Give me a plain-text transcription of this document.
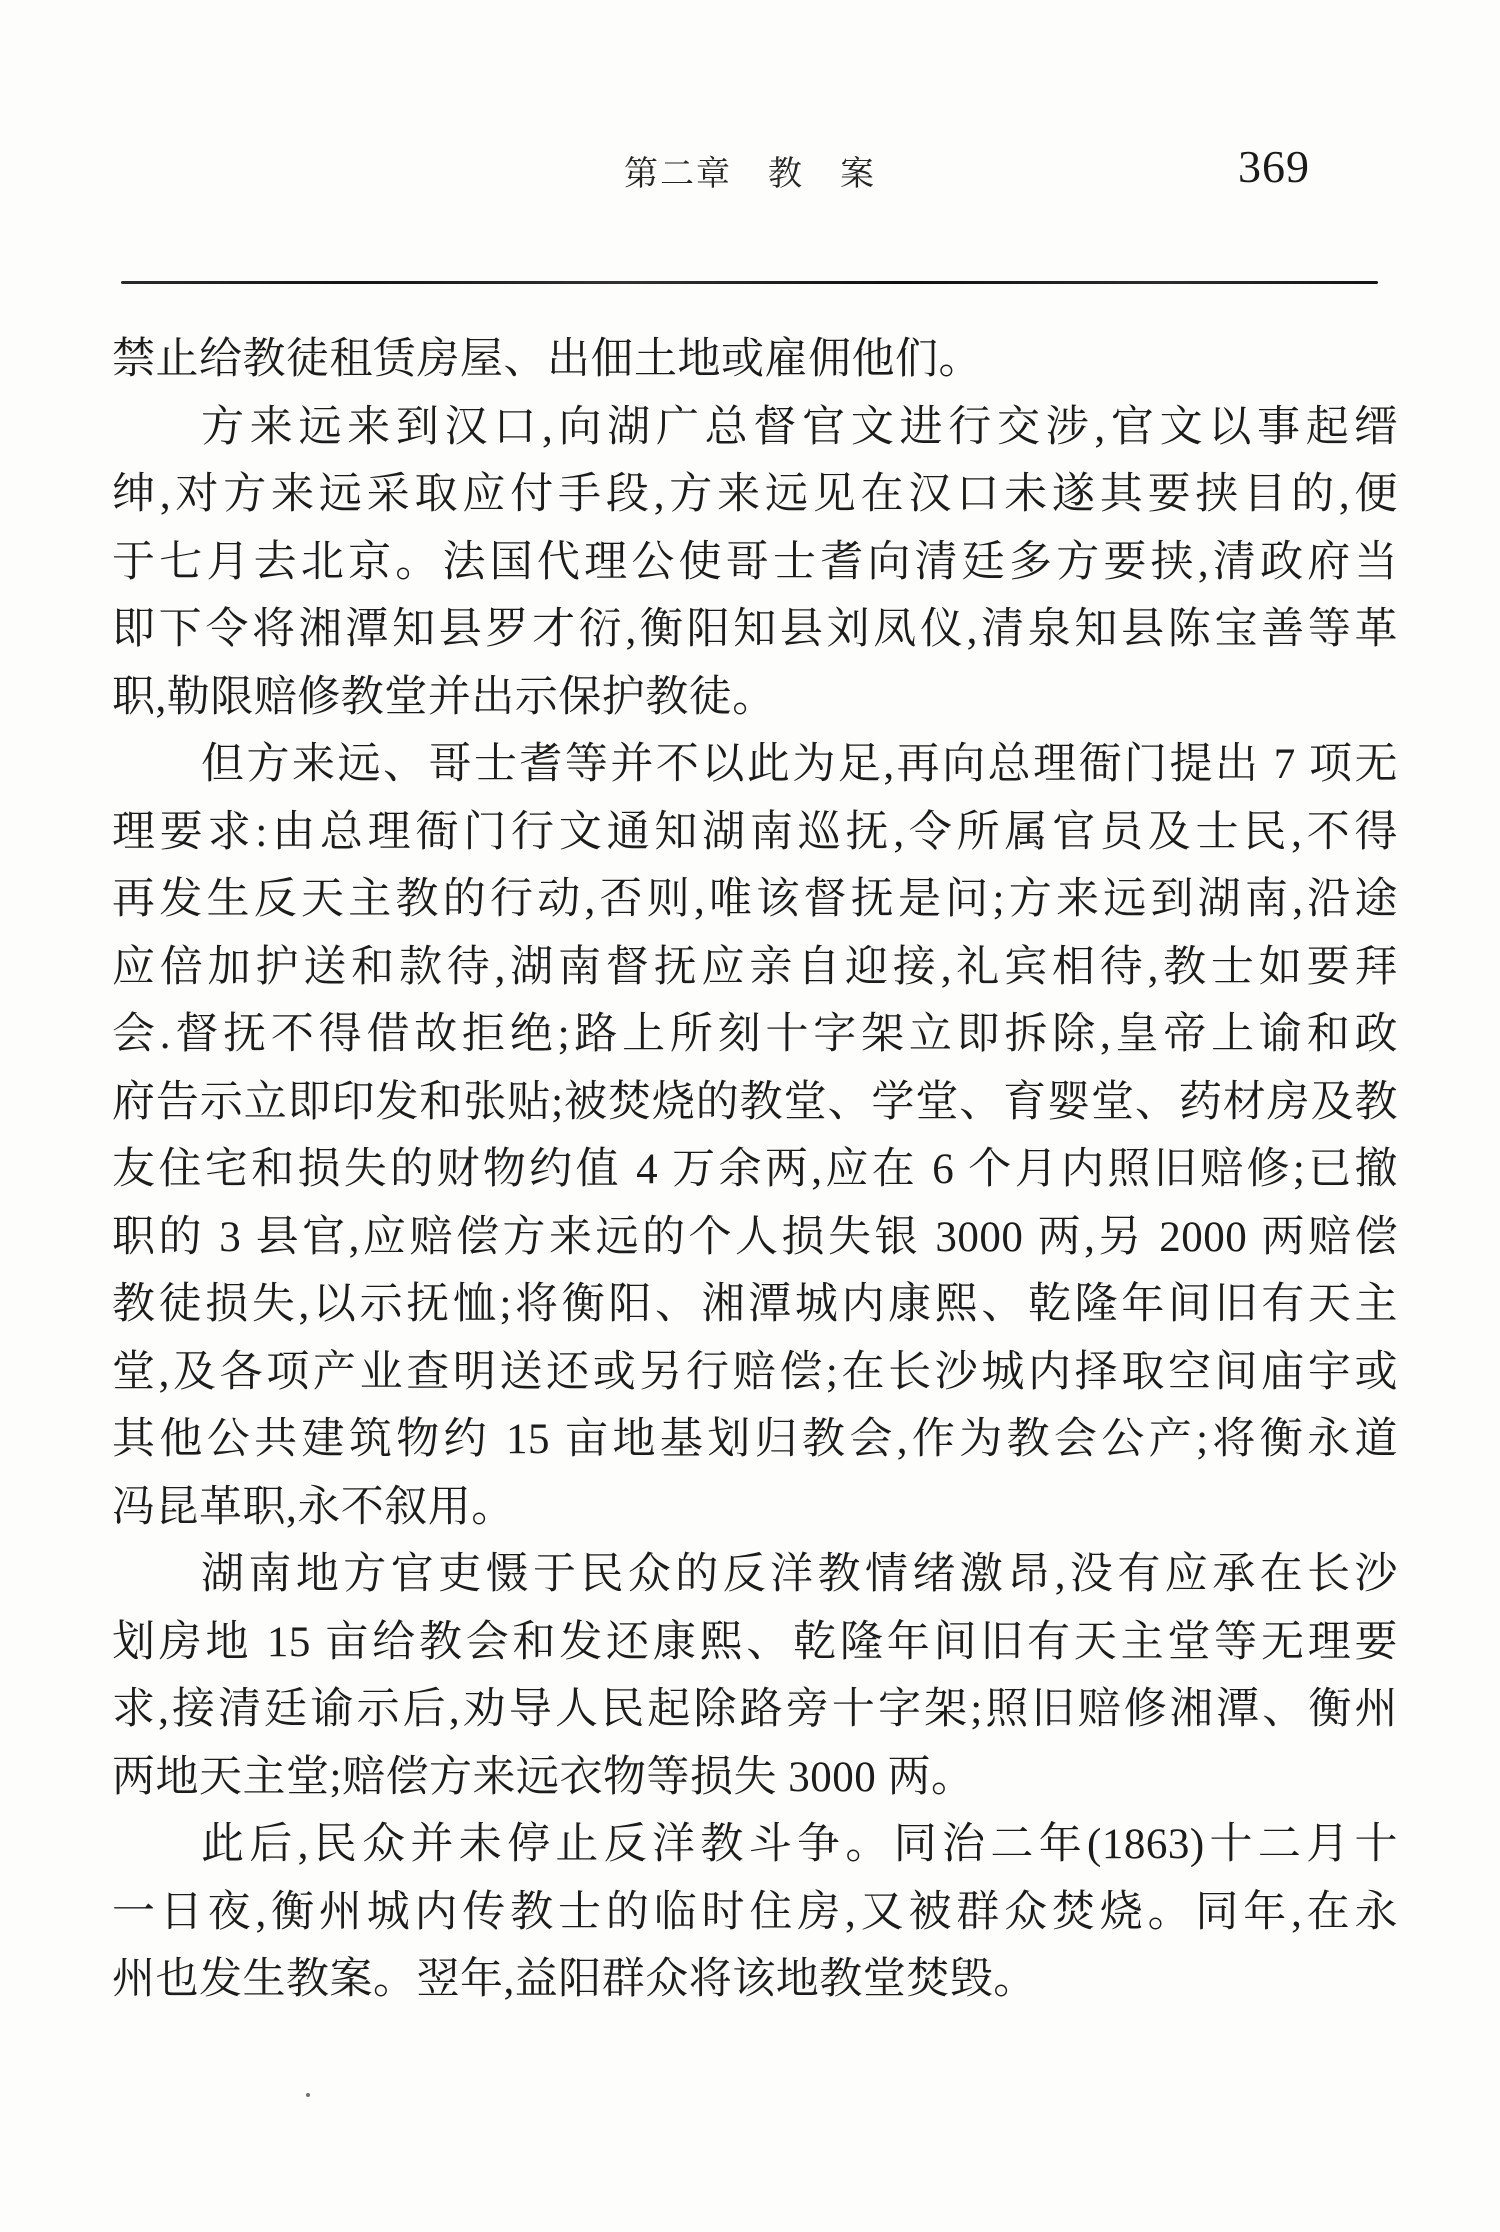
第二章　教　案	369
禁止给教徒租赁房屋、出佃土地或雇佣他们。
方来远来到汉口,向湖广总督官文进行交涉,官文以事起缙
绅,对方来远采取应付手段,方来远见在汉口未遂其要挟目的,便
于七月去北京。法国代理公使哥士耆向清廷多方要挟,清政府当
即下令将湘潭知县罗才衍,衡阳知县刘凤仪,清泉知县陈宝善等革
职,勒限赔修教堂并出示保护教徒。
但方来远、哥士耆等并不以此为足,再向总理衙门提出 7 项无
理要求:由总理衙门行文通知湖南巡抚,令所属官员及士民,不得
再发生反天主教的行动,否则,唯该督抚是问;方来远到湖南,沿途
应倍加护送和款待,湖南督抚应亲自迎接,礼宾相待,教士如要拜
会.督抚不得借故拒绝;路上所刻十字架立即拆除,皇帝上谕和政
府告示立即印发和张贴;被焚烧的教堂、学堂、育婴堂、药材房及教
友住宅和损失的财物约值 4 万余两,应在 6 个月内照旧赔修;已撤
职的 3 县官,应赔偿方来远的个人损失银 3000 两,另 2000 两赔偿
教徒损失,以示抚恤;将衡阳、湘潭城内康熙、乾隆年间旧有天主
堂,及各项产业查明送还或另行赔偿;在长沙城内择取空间庙宇或
其他公共建筑物约 15 亩地基划归教会,作为教会公产;将衡永道
冯昆革职,永不叙用。
湖南地方官吏慑于民众的反洋教情绪激昂,没有应承在长沙
划房地 15 亩给教会和发还康熙、乾隆年间旧有天主堂等无理要
求,接清廷谕示后,劝导人民起除路旁十字架;照旧赔修湘潭、衡州
两地天主堂;赔偿方来远衣物等损失 3000 两。
此后,民众并未停止反洋教斗争。同治二年(1863)十二月十
一日夜,衡州城内传教士的临时住房,又被群众焚烧。同年,在永
州也发生教案。翌年,益阳群众将该地教堂焚毁。
